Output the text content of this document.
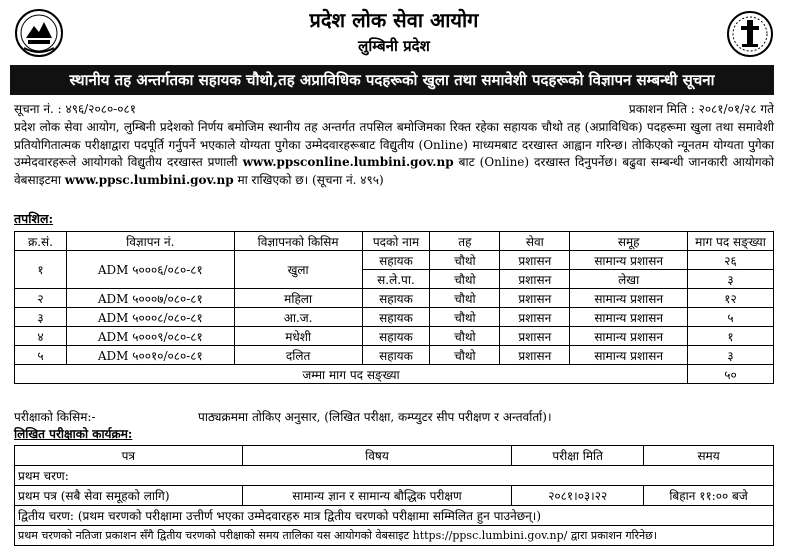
प्रदेश लोक सेवा आयोग
लुम्बिनी प्रदेश
स्थानीय तह अन्तर्गतका सहायक चौथो,तह अप्राविधिक पदहरूको खुला तथा समावेशी पदहरूको विज्ञापन सम्बन्धी सूचना
सूचना नं. : ४९६/२०८०-०८१	प्रकाशन मिति : २०८१/०१/२८ गते
प्रदेश लोक सेवा आयोग, लुम्बिनी प्रदेशको निर्णय बमोजिम स्थानीय तह अन्तर्गत तपसिल बमोजिमका रिक्त रहेका सहायक चौथो तह (अप्राविधिक) पदहरूमा खुला तथा समावेशी प्रतियोगितात्मक परीक्षाद्वारा पदपूर्ति गर्नुपर्ने भएकाले योग्यता पुगेका उम्मेदवारहरूबाट विद्युतीय (Online) माध्यमबाट दरखास्त आह्वान गरिन्छ। तोकिएको न्यूनतम योग्यता पुगेका उम्मेदवारहरूले आयोगको विद्युतीय दरखास्त प्रणाली www.ppsconline.lumbini.gov.np बाट (Online) दरखास्त दिनुपर्नेछ। बढुवा सम्बन्धी जानकारी आयोगको वेबसाइटमा www.ppsc.lumbini.gov.np मा राखिएको छ। (सूचना नं. ४९५)
तपशिल:
क्र.सं.	विज्ञापन नं.	विज्ञापनको किसिम	पदको नाम	तह	सेवा	समूह	माग पद सङ्ख्या
१	ADM ५०००६/०८०-८१	खुला	सहायक	चौथो	प्रशासन	सामान्य प्रशासन	२६
			स.ले.पा.	चौथो	प्रशासन	लेखा	३
२	ADM ५०००७/०८०-८१	महिला	सहायक	चौथो	प्रशासन	सामान्य प्रशासन	१२
३	ADM ५०००८/०८०-८१	आ.ज.	सहायक	चौथो	प्रशासन	सामान्य प्रशासन	५
४	ADM ५०००९/०८०-८१	मधेशी	सहायक	चौथो	प्रशासन	सामान्य प्रशासन	१
५	ADM ५००१०/०८०-८१	दलित	सहायक	चौथो	प्रशासन	सामान्य प्रशासन	३
जम्मा माग पद सङ्ख्या							५०
परीक्षाको किसिम:-	पाठ्यक्रममा तोकिए अनुसार, (लिखित परीक्षा, कम्प्युटर सीप परीक्षण र अन्तर्वार्ता)।
लिखित परीक्षाको कार्यक्रम:
पत्र	विषय	परीक्षा मिति	समय
प्रथम चरण:			
प्रथम पत्र (सबै सेवा समूहको लागि)	सामान्य ज्ञान र सामान्य बौद्धिक परीक्षण	२०८१।०३।२२	बिहान ११:०० बजे
द्वितीय चरण: (प्रथम चरणको परीक्षामा उत्तीर्ण भएका उम्मेदवारहरु मात्र द्वितीय चरणको परीक्षामा सम्मिलित हुन पाउनेछन्।)			
प्रथम चरणको नतिजा प्रकाशन सँगै द्वितीय चरणको परीक्षाको समय तालिका यस आयोगको वेबसाइट https://ppsc.lumbini.gov.np/ द्वारा प्रकाशन गरिनेछ।			
